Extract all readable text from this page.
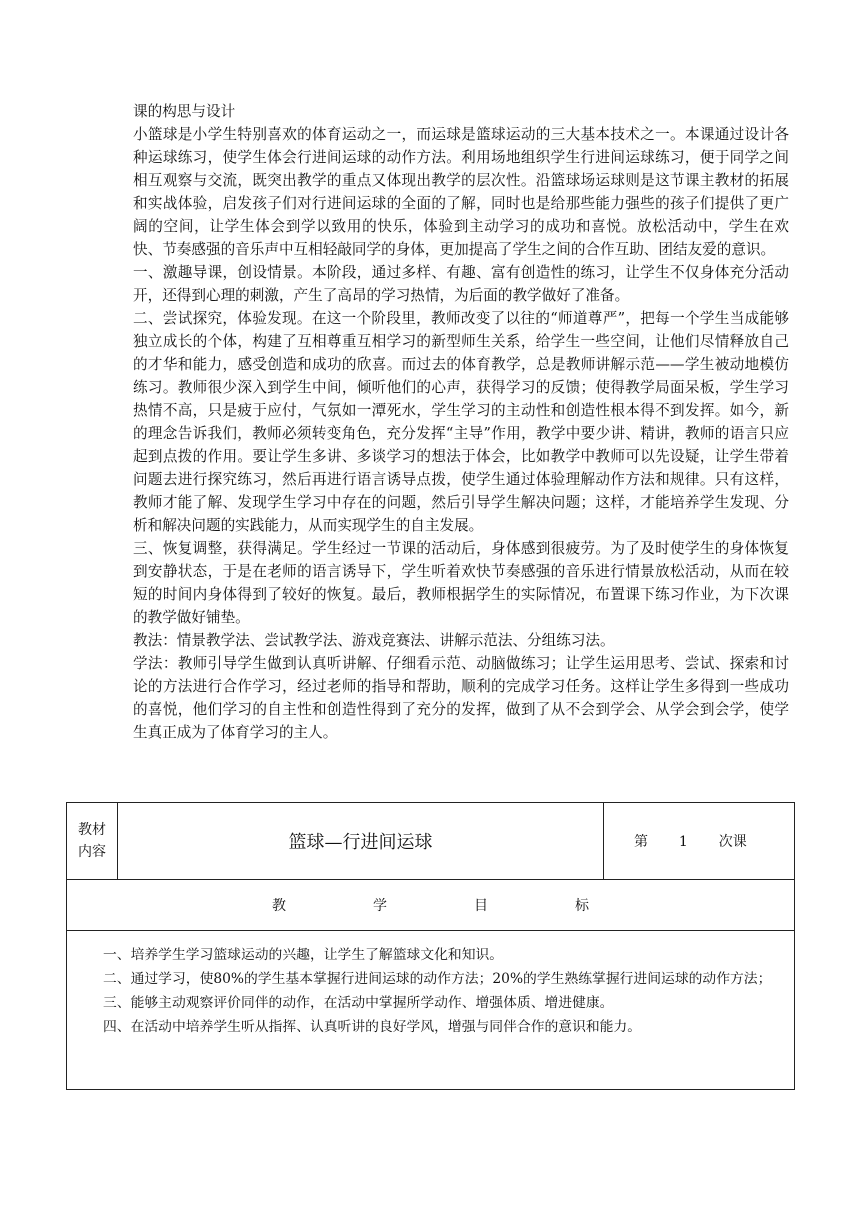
课的构思与设计

小篮球是小学生特别喜欢的体育运动之一，而运球是篮球运动的三大基本技术之一。本课通过设计各种运球练习，使学生体会行进间运球的动作方法。利用场地组织学生行进间运球练习，便于同学之间相互观察与交流，既突出教学的重点又体现出教学的层次性。沿篮球场运球则是这节课主教材的拓展和实战体验，启发孩子们对行进间运球的全面的了解，同时也是给那些能力强些的孩子们提供了更广阔的空间，让学生体会到学以致用的快乐，体验到主动学习的成功和喜悦。放松活动中，学生在欢快、节奏感强的音乐声中互相轻敲同学的身体，更加提高了学生之间的合作互助、团结友爱的意识。

一、激趣导课，创设情景。本阶段，通过多样、有趣、富有创造性的练习，让学生不仅身体充分活动开，还得到心理的刺激，产生了高昂的学习热情，为后面的教学做好了准备。

二、尝试探究，体验发现。在这一个阶段里，教师改变了以往的“师道尊严”，把每一个学生当成能够独立成长的个体，构建了互相尊重互相学习的新型师生关系，给学生一些空间，让他们尽情释放自己的才华和能力，感受创造和成功的欣喜。而过去的体育教学，总是教师讲解示范——学生被动地模仿练习。教师很少深入到学生中间，倾听他们的心声，获得学习的反馈；使得教学局面呆板，学生学习热情不高，只是疲于应付，气氛如一潭死水，学生学习的主动性和创造性根本得不到发挥。如今，新的理念告诉我们，教师必须转变角色，充分发挥“主导”作用，教学中要少讲、精讲，教师的语言只应起到点拨的作用。要让学生多讲、多谈学习的想法于体会，比如教学中教师可以先设疑，让学生带着问题去进行探究练习，然后再进行语言诱导点拨，使学生通过体验理解动作方法和规律。只有这样，教师才能了解、发现学生学习中存在的问题，然后引导学生解决问题；这样，才能培养学生发现、分析和解决问题的实践能力，从而实现学生的自主发展。

三、恢复调整，获得满足。学生经过一节课的活动后，身体感到很疲劳。为了及时使学生的身体恢复到安静状态，于是在老师的语言诱导下，学生听着欢快节奏感强的音乐进行情景放松活动，从而在较短的时间内身体得到了较好的恢复。最后，教师根据学生的实际情况，布置课下练习作业，为下次课的教学做好铺垫。

教法：情景教学法、尝试教学法、游戏竞赛法、讲解示范法、分组练习法。

学法：教师引导学生做到认真听讲解、仔细看示范、动脑做练习；让学生运用思考、尝试、探索和讨论的方法进行合作学习，经过老师的指导和帮助，顺利的完成学习任务。这样让学生多得到一些成功的喜悦，他们学习的自主性和创造性得到了充分的发挥，做到了从不会到学会、从学会到会学，使学生真正成为了体育学习的主人。

教材
内容	篮球—行进间运球	第 1 次课

教	学	目	标

一、培养学生学习篮球运动的兴趣，让学生了解篮球文化和知识。

二、通过学习，使80%的学生基本掌握行进间运球的动作方法；20%的学生熟练掌握行进间运球的动作方法；

三、能够主动观察评价同伴的动作，在活动中掌握所学动作、增强体质、增进健康。

四、在活动中培养学生听从指挥、认真听讲的良好学风，增强与同伴合作的意识和能力。
